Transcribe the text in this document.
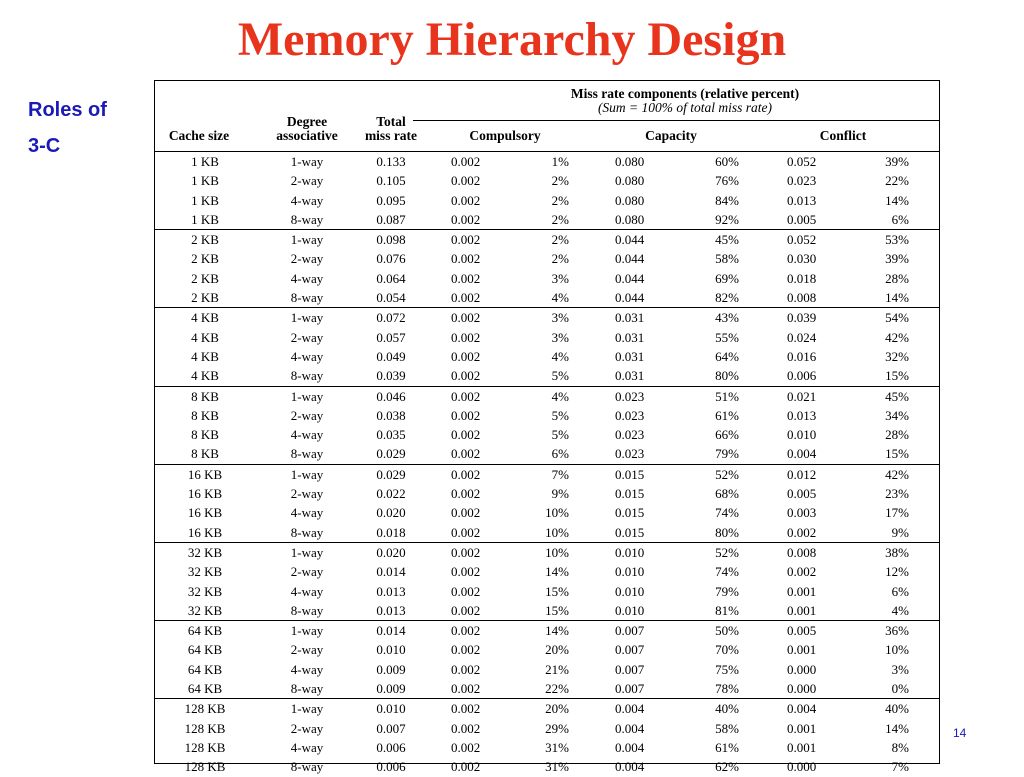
Memory Hierarchy Design
Roles of
3-C	Cache size
Degree
associative
Total
miss rate
Miss rate components (relative percent)
(Sum = 100% of total miss rate)
Compulsory	Capacity	Conflict
1 KB	1-way	0.133	0.002	1%	0.080	60%	0.052	39%
1 KB	2-way	0.105	0.002	2%	0.080	76%	0.023	22%
1 KB	4-way	0.095	0.002	2%	0.080	84%	0.013	14%
1 KB	8-way	0.087	0.002	2%	0.080	92%	0.005	6%
2 KB	1-way	0.098	0.002	2%	0.044	45%	0.052	53%
2 KB	2-way	0.076	0.002	2%	0.044	58%	0.030	39%
2 KB	4-way	0.064	0.002	3%	0.044	69%	0.018	28%
2 KB	8-way	0.054	0.002	4%	0.044	82%	0.008	14%
4 KB	1-way	0.072	0.002	3%	0.031	43%	0.039	54%
4 KB	2-way	0.057	0.002	3%	0.031	55%	0.024	42%
4 KB	4-way	0.049	0.002	4%	0.031	64%	0.016	32%
4 KB	8-way	0.039	0.002	5%	0.031	80%	0.006	15%
8 KB	1-way	0.046	0.002	4%	0.023	51%	0.021	45%
8 KB	2-way	0.038	0.002	5%	0.023	61%	0.013	34%
8 KB	4-way	0.035	0.002	5%	0.023	66%	0.010	28%
8 KB	8-way	0.029	0.002	6%	0.023	79%	0.004	15%
16 KB	1-way	0.029	0.002	7%	0.015	52%	0.012	42%
16 KB	2-way	0.022	0.002	9%	0.015	68%	0.005	23%
16 KB	4-way	0.020	0.002	10%	0.015	74%	0.003	17%
16 KB	8-way	0.018	0.002	10%	0.015	80%	0.002	9%
32 KB	1-way	0.020	0.002	10%	0.010	52%	0.008	38%
32 KB	2-way	0.014	0.002	14%	0.010	74%	0.002	12%
32 KB	4-way	0.013	0.002	15%	0.010	79%	0.001	6%
32 KB	8-way	0.013	0.002	15%	0.010	81%	0.001	4%
64 KB	1-way	0.014	0.002	14%	0.007	50%	0.005	36%
64 KB	2-way	0.010	0.002	20%	0.007	70%	0.001	10%
64 KB	4-way	0.009	0.002	21%	0.007	75%	0.000	3%
64 KB	8-way	0.009	0.002	22%	0.007	78%	0.000	0%
128 KB	1-way	0.010	0.002	20%	0.004	40%	0.004	40%
128 KB	2-way	0.007	0.002	29%	0.004	58%	0.001	14%
128 KB	4-way	0.006	0.002	31%	0.004	61%	0.001	8%
128 KB	8-way	0.006	0.002	31%	0.004	62%	0.000	7%
14
